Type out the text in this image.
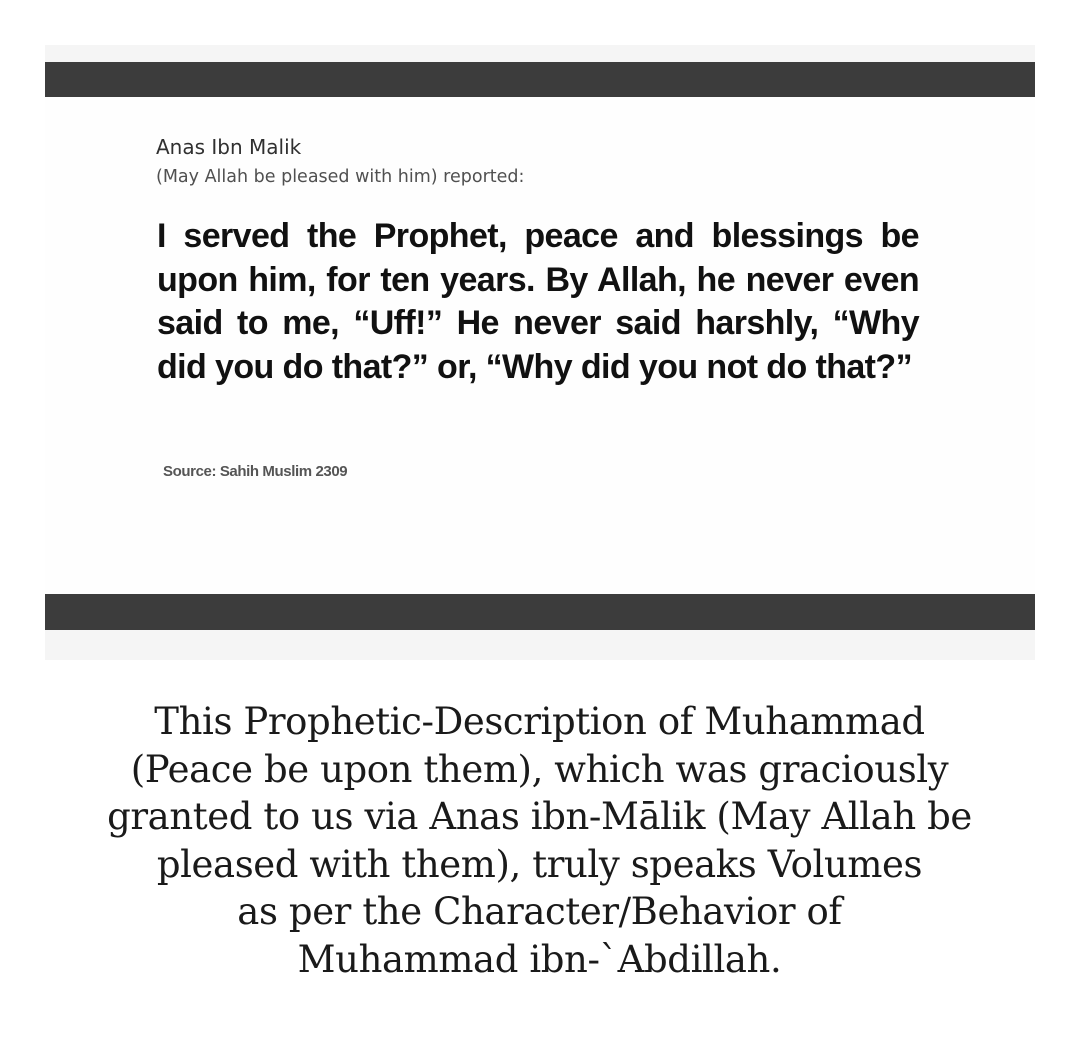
Anas Ibn Malik
(May Allah be pleased with him) reported:
I served the Prophet, peace and blessings be upon him, for ten years. By Allah, he never even said to me, “Uff!” He never said harshly, “Why did you do that?” or, “Why did you not do that?”
Source: Sahih Muslim 2309
This Prophetic-Description of Muhammad
(Peace be upon them), which was graciously
granted to us via Anas ibn-Mālik (May Allah be
pleased with them), truly speaks Volumes
as per the Character/Behavior of
Muhammad ibn-`Abdillah.
